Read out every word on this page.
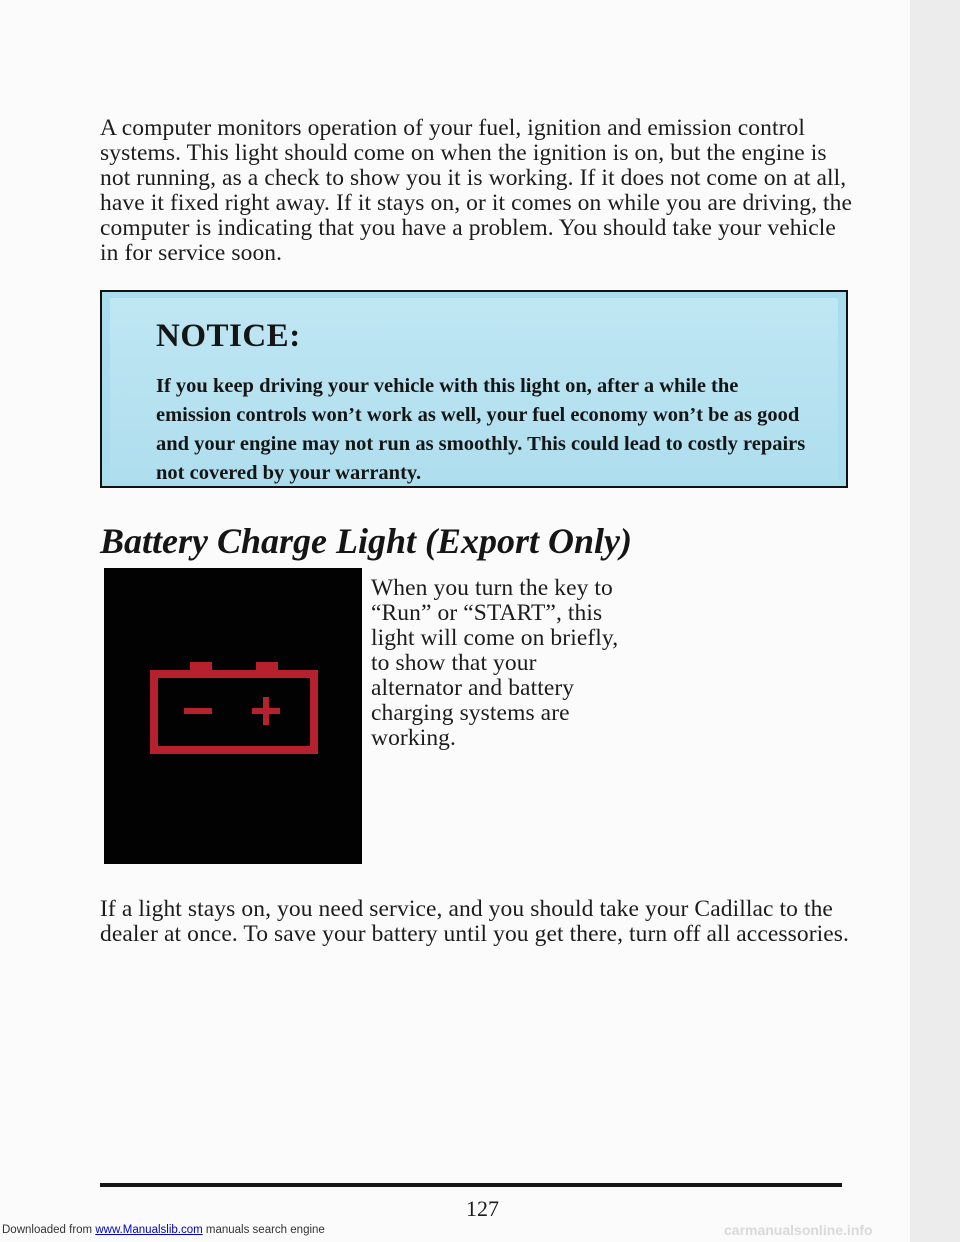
A computer monitors operation of your fuel, ignition and emission control systems. This light should come on when the ignition is on, but the engine is not running, as a check to show you it is working. If it does not come on at all, have it fixed right away. If it stays on, or it comes on while you are driving, the computer is indicating that you have a problem. You should take your vehicle in for service soon.

NOTICE:

If you keep driving your vehicle with this light on, after a while the emission controls won’t work as well, your fuel economy won’t be as good and your engine may not run as smoothly. This could lead to costly repairs not covered by your warranty.

Battery Charge Light (Export Only)

When you turn the key to “Run” or “START”, this light will come on briefly, to show that your alternator and battery charging systems are working.

If a light stays on, you need service, and you should take your Cadillac to the dealer at once. To save your battery until you get there, turn off all accessories.

127

Downloaded from www.Manualslib.com manuals search engine	carmanualsonline.info
